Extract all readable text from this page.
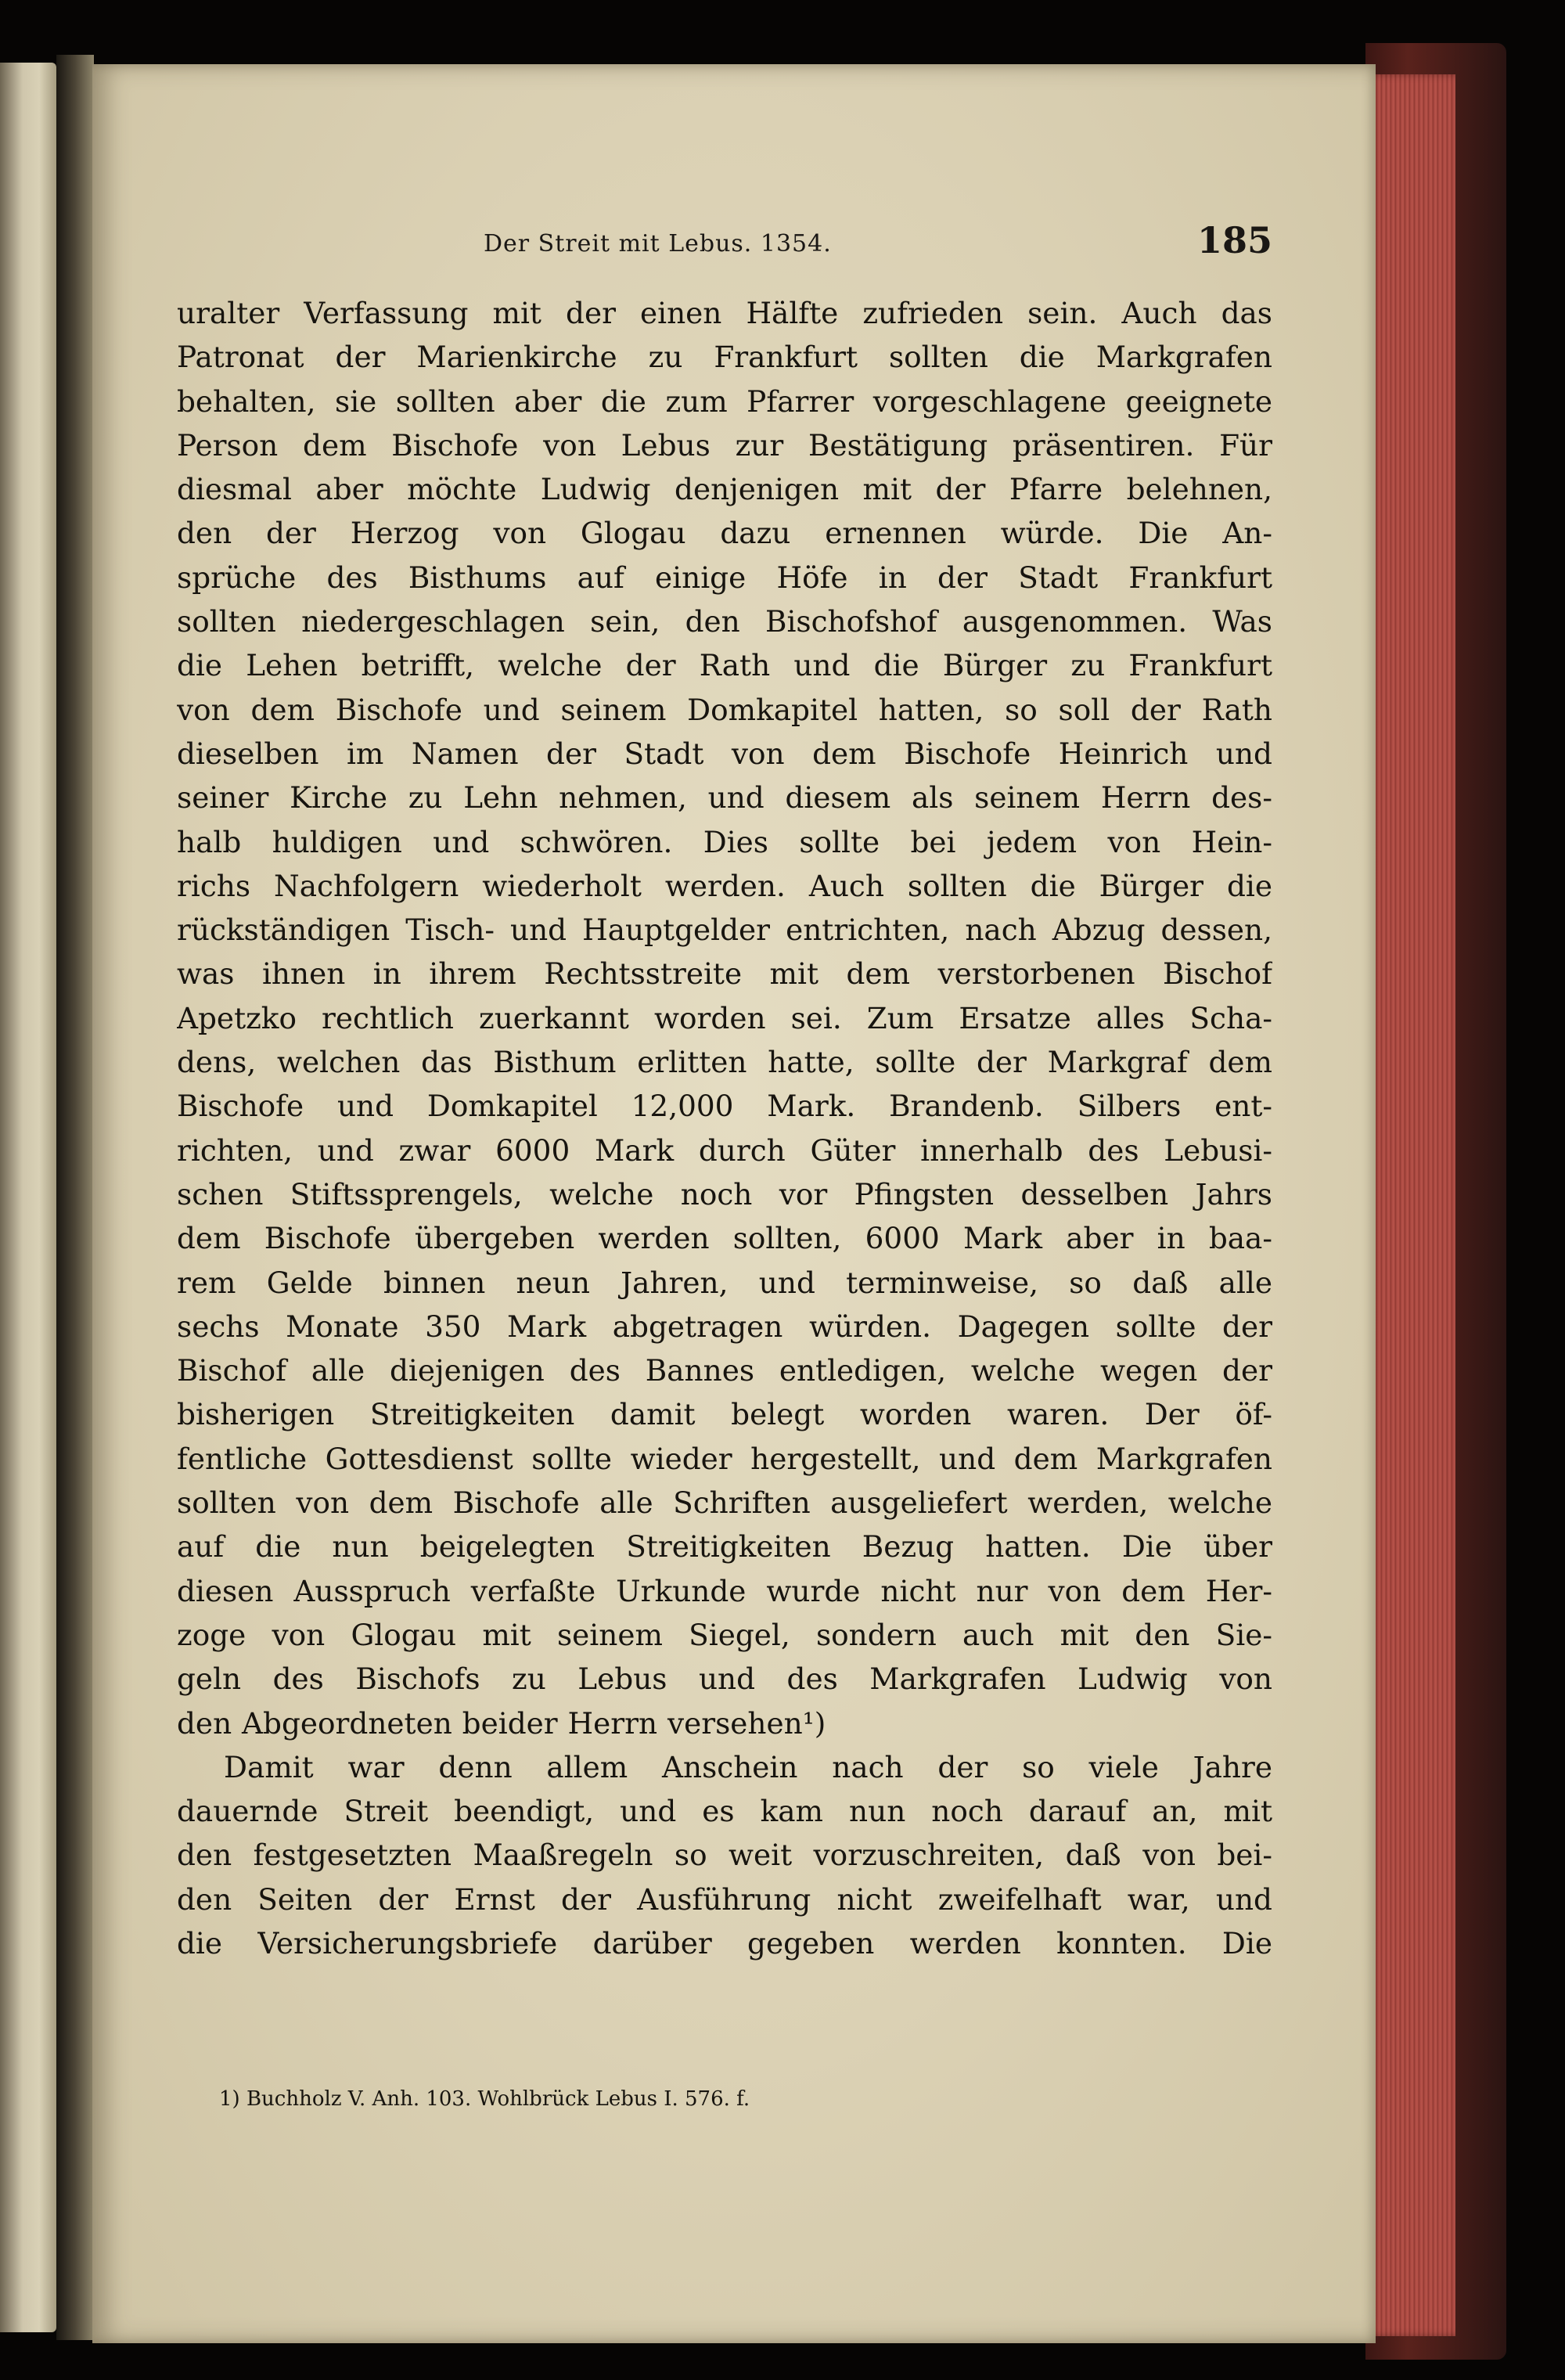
Der Streit mit Lebus. 1354.	185
uralter Verfassung mit der einen Hälfte zufrieden sein. Auch das
Patronat der Marienkirche zu Frankfurt sollten die Markgrafen
behalten, sie sollten aber die zum Pfarrer vorgeschlagene geeignete
Person dem Bischofe von Lebus zur Bestätigung präsentiren. Für
diesmal aber möchte Ludwig denjenigen mit der Pfarre belehnen,
den der Herzog von Glogau dazu ernennen würde. Die An-
sprüche des Bisthums auf einige Höfe in der Stadt Frankfurt
sollten niedergeschlagen sein, den Bischofshof ausgenommen. Was
die Lehen betrifft, welche der Rath und die Bürger zu Frankfurt
von dem Bischofe und seinem Domkapitel hatten, so soll der Rath
dieselben im Namen der Stadt von dem Bischofe Heinrich und
seiner Kirche zu Lehn nehmen, und diesem als seinem Herrn des-
halb huldigen und schwören. Dies sollte bei jedem von Hein-
richs Nachfolgern wiederholt werden. Auch sollten die Bürger die
rückständigen Tisch- und Hauptgelder entrichten, nach Abzug dessen,
was ihnen in ihrem Rechtsstreite mit dem verstorbenen Bischof
Apetzko rechtlich zuerkannt worden sei. Zum Ersatze alles Scha-
dens, welchen das Bisthum erlitten hatte, sollte der Markgraf dem
Bischofe und Domkapitel 12,000 Mark. Brandenb. Silbers ent-
richten, und zwar 6000 Mark durch Güter innerhalb des Lebusi-
schen Stiftssprengels, welche noch vor Pfingsten desselben Jahrs
dem Bischofe übergeben werden sollten, 6000 Mark aber in baa-
rem Gelde binnen neun Jahren, und terminweise, so daß alle
sechs Monate 350 Mark abgetragen würden. Dagegen sollte der
Bischof alle diejenigen des Bannes entledigen, welche wegen der
bisherigen Streitigkeiten damit belegt worden waren. Der öf-
fentliche Gottesdienst sollte wieder hergestellt, und dem Markgrafen
sollten von dem Bischofe alle Schriften ausgeliefert werden, welche
auf die nun beigelegten Streitigkeiten Bezug hatten. Die über
diesen Ausspruch verfaßte Urkunde wurde nicht nur von dem Her-
zoge von Glogau mit seinem Siegel, sondern auch mit den Sie-
geln des Bischofs zu Lebus und des Markgrafen Ludwig von
den Abgeordneten beider Herrn versehen¹)
Damit war denn allem Anschein nach der so viele Jahre
dauernde Streit beendigt, und es kam nun noch darauf an, mit
den festgesetzten Maaßregeln so weit vorzuschreiten, daß von bei-
den Seiten der Ernst der Ausführung nicht zweifelhaft war, und
die Versicherungsbriefe darüber gegeben werden konnten. Die
1) Buchholz V. Anh. 103. Wohlbrück Lebus I. 576. f.
